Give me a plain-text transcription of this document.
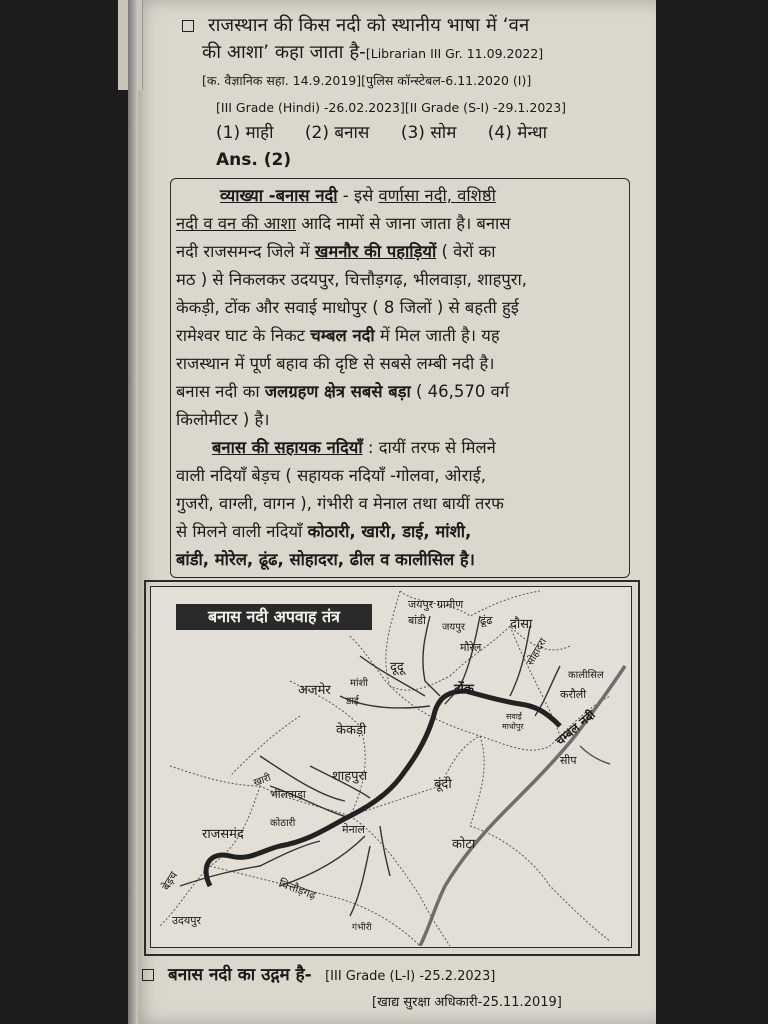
राजस्थान की किस नदी को स्थानीय भाषा में ‘वन
की आशा’ कहा जाता है-[Librarian III Gr. 11.09.2022]
[क. वैज्ञानिक सहा. 14.9.2019][पुलिस कॉन्स्टेबल-6.11.2020 (I)]
[III Grade (Hindi) -26.02.2023][II Grade (S-I) -29.1.2023]
(1) माही (2) बनास (3) सोम (4) मेन्धा
Ans. (2)
व्याख्या -बनास नदी - इसे वर्णासा नदी, वशिष्ठी
नदी व वन की आशा आदि नामों से जाना जाता है। बनास
नदी राजसमन्द जिले में खमनौर की पहाड़ियों ( वेरों का
मठ ) से निकलकर उदयपुर, चित्तौड़गढ़, भीलवाड़ा, शाहपुरा,
केकड़ी, टोंक और सवाई माधोपुर ( 8 जिलों ) से बहती हुई
रामेश्वर घाट के निकट चम्बल नदी में मिल जाती है। यह
राजस्थान में पूर्ण बहाव की दृष्टि से सबसे लम्बी नदी है।
बनास नदी का जलग्रहण क्षेत्र सबसे बड़ा ( 46,570 वर्ग
किलोमीटर ) है।
बनास की सहायक नदियाँ : दायीं तरफ से मिलने
वाली नदियाँ बेड़च ( सहायक नदियाँ -गोलवा, ओराई,
गुजरी, वाग्ली, वागन ), गंभीरी व मेनाल तथा बायीं तरफ
से मिलने वाली नदियाँ कोठारी, खारी, डाई, मांशी,
बांडी, मोरेल, ढूंढ, सोहादरा, ढील व कालीसिल है।
जयपुर ग्रामीण
बांडी
जयपुर
ढूंढ दौसा
मौरेल	सोहादरा
कालीसिल
करौली
दूदू
अजमेर मांशी
डाई
टोंक
सवाई
माधोपुर चम्बल नदी
सीप
केकड़ी
खारी
भीलवाड़ा
शाहपुरा
कोठारी
बूंदी
राजसमंद	मेनाल
कोटा
बेड़च	चित्तौड़गढ़
उदयपुर
गंभीरी
बनास नदी अपवाह तंत्र
बनास नदी का उद्गम है- [III Grade (L-I) -25.2.2023]
[खाद्य सुरक्षा अधिकारी-25.11.2019]
